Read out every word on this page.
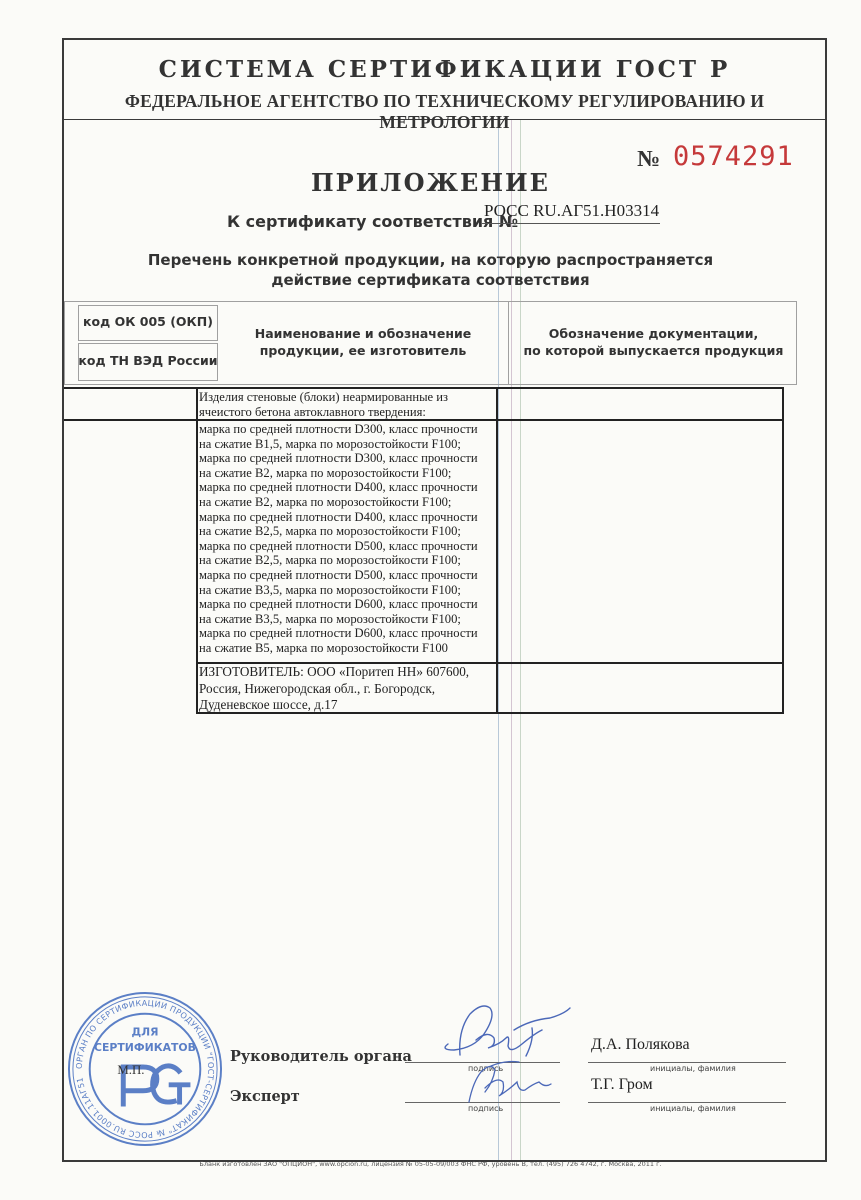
СИСТЕМА СЕРТИФИКАЦИИ ГОСТ Р
ФЕДЕРАЛЬНОЕ АГЕНТСТВО ПО ТЕХНИЧЕСКОМУ РЕГУЛИРОВАНИЮ И МЕТРОЛОГИИ
№ 0574291
ПРИЛОЖЕНИЕ
К сертификату соответствия №
РОСС RU.АГ51.Н03314
Перечень конкретной продукции, на которую распространяется
действие сертификата соответствия
код ОК 005 (ОКП)
код ТН ВЭД России
Наименование и обозначение
продукции, ее изготовитель
Обозначение документации,
по которой выпускается продукция
Изделия стеновые (блоки) неармированные из
ячеистого бетона автоклавного твердения:
марка по средней плотности D300, класс прочности
на сжатие В1,5, марка по морозостойкости F100;
марка по средней плотности D300, класс прочности
на сжатие В2, марка по морозостойкости F100;
марка по средней плотности D400, класс прочности
на сжатие В2, марка по морозостойкости F100;
марка по средней плотности D400, класс прочности
на сжатие В2,5, марка по морозостойкости F100;
марка по средней плотности D500, класс прочности
на сжатие В2,5, марка по морозостойкости F100;
марка по средней плотности D500, класс прочности
на сжатие В3,5, марка по морозостойкости F100;
марка по средней плотности D600, класс прочности
на сжатие В3,5, марка по морозостойкости F100;
марка по средней плотности D600, класс прочности
на сжатие В5, марка по морозостойкости F100
ИЗГОТОВИТЕЛЬ: ООО «Поритеп НН» 607600,
Россия, Нижегородская обл., г. Богородск,
Дуденевское шоссе, д.17
ОРГАН ПО СЕРТИФИКАЦИИ ПРОДУКЦИИ "ГОСТ-СЕРТИФИКАТ" № РОСС RU.0001.11АГ51
ДЛЯ
СЕРТИФИКАТОВ
М.П.
Руководитель органа
Эксперт
подпись
подпись
Д.А. Полякова
инициалы, фамилия
Т.Г. Гром
инициалы, фамилия
Бланк изготовлен ЗАО "ОПЦИОН", www.opcion.ru, лицензия № 05-05-09/003 ФНС РФ, уровень В, тел. (495) 726 4742, г. Москва, 2011 г.
